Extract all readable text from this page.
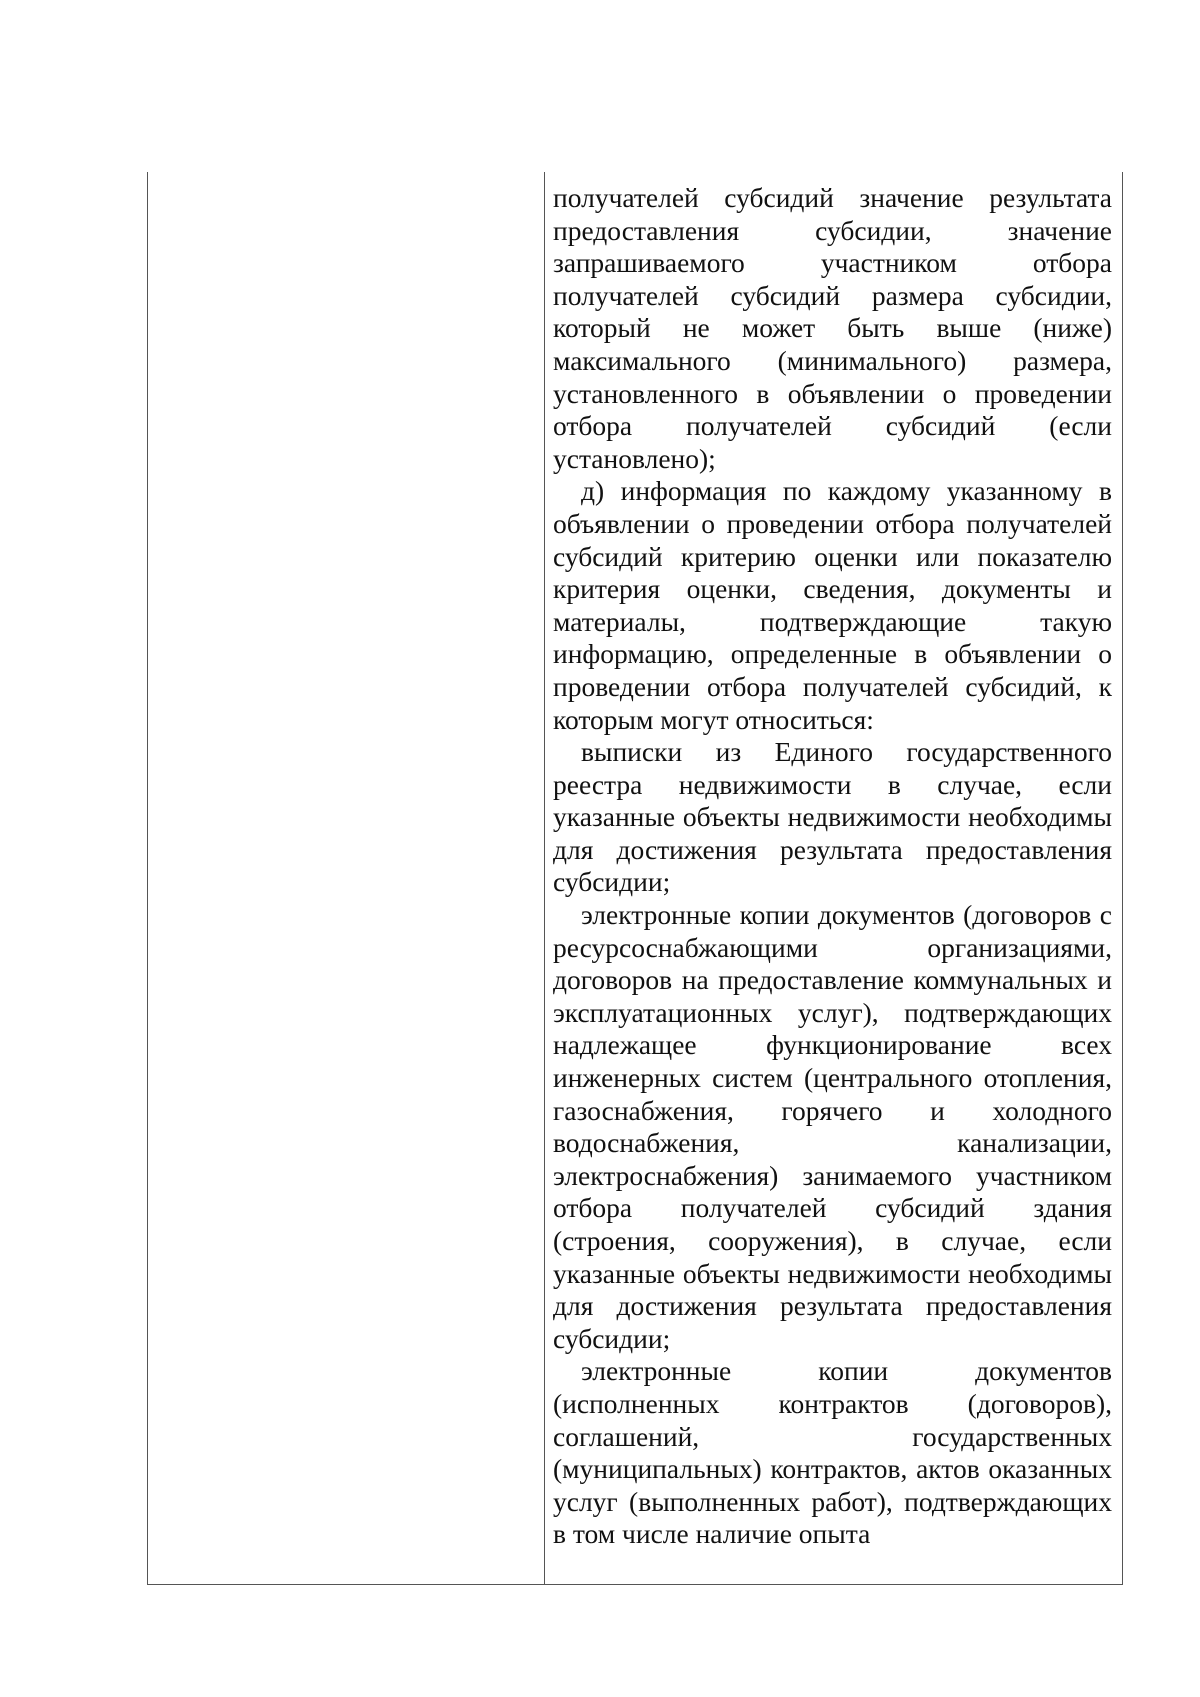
получателей субсидий значение результата предоставления субсидии, значение запрашиваемого участником отбора получателей субсидий размера субсидии, который не может быть выше (ниже) максимального (минимального) размера, установленного в объявлении о проведении отбора получателей субсидий (если установлено);

д) информация по каждому указанному в объявлении о проведении отбора получателей субсидий критерию оценки или показателю критерия оценки, сведения, документы и материалы, подтверждающие такую информацию, определенные в объявлении о проведении отбора получателей субсидий, к которым могут относиться:

выписки из Единого государственного реестра недвижимости в случае, если указанные объекты недвижимости необходимы для достижения результата предоставления субсидии;

электронные копии документов (договоров с ресурсоснабжающими организациями, договоров на предоставление коммунальных и эксплуатационных услуг), подтверждающих надлежащее функционирование всех инженерных систем (центрального отопления, газоснабжения, горячего и холодного водоснабжения, канализации, электроснабжения) занимаемого участником отбора получателей субсидий здания (строения, сооружения), в случае, если указанные объекты недвижимости необходимы для достижения результата предоставления субсидии;

электронные копии документов (исполненных контрактов (договоров), соглашений, государственных (муниципальных) контрактов, актов оказанных услуг (выполненных работ), подтверждающих в том числе наличие опыта
